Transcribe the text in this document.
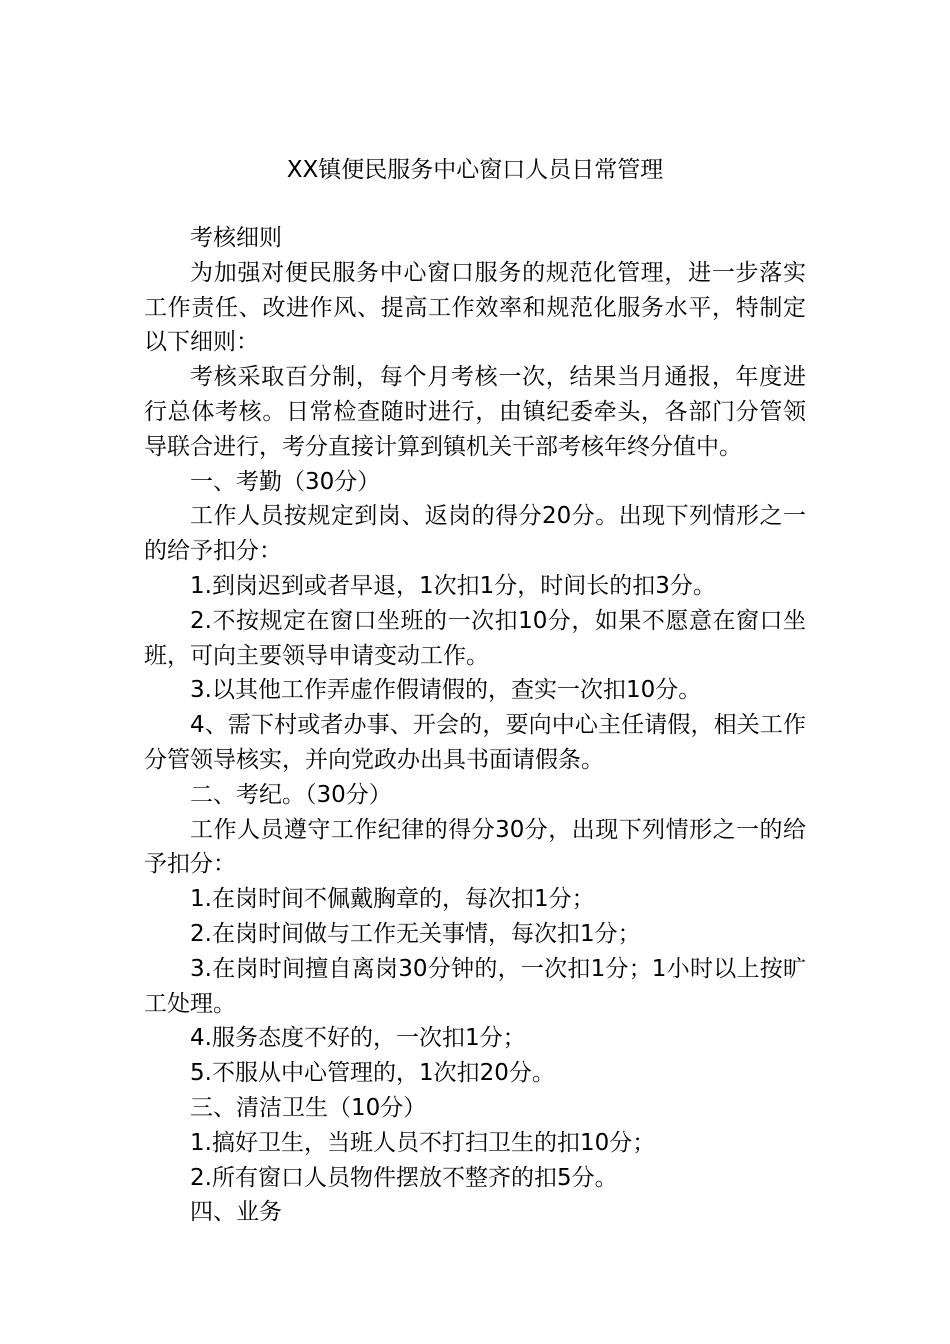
XX镇便民服务中心窗口人员日常管理

考核细则

为加强对便民服务中心窗口服务的规范化管理，进一步落实工作责任、改进作风、提高工作效率和规范化服务水平，特制定以下细则：

考核采取百分制，每个月考核一次，结果当月通报，年度进行总体考核。日常检查随时进行，由镇纪委牵头，各部门分管领导联合进行，考分直接计算到镇机关干部考核年终分值中。

一、考勤（30分）

工作人员按规定到岗、返岗的得分20分。出现下列情形之一的给予扣分：

1.到岗迟到或者早退，1次扣1分，时间长的扣3分。

2.不按规定在窗口坐班的一次扣10分，如果不愿意在窗口坐班，可向主要领导申请变动工作。

3.以其他工作弄虚作假请假的，查实一次扣10分。

4、需下村或者办事、开会的，要向中心主任请假，相关工作分管领导核实，并向党政办出具书面请假条。

二、考纪。（30分）

工作人员遵守工作纪律的得分30分，出现下列情形之一的给予扣分：

1.在岗时间不佩戴胸章的，每次扣1分；

2.在岗时间做与工作无关事情，每次扣1分；

3.在岗时间擅自离岗30分钟的，一次扣1分；1小时以上按旷工处理。

4.服务态度不好的，一次扣1分；

5.不服从中心管理的，1次扣20分。

三、清洁卫生（10分）

1.搞好卫生，当班人员不打扫卫生的扣10分；

2.所有窗口人员物件摆放不整齐的扣5分。

四、业务
